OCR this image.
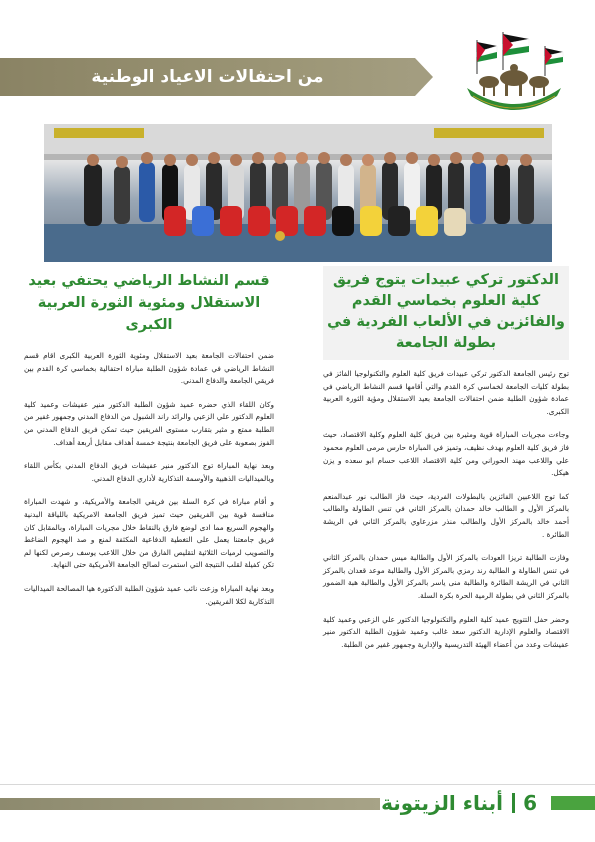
من احتفالات الاعياد الوطنية
الدكتور تركي عبيدات يتوج فريق كلية العلوم بخماسي القدم والفائزين في الألعاب الفردية في بطولة الجامعة

توج رئيس الجامعة الدكتور تركي عبيدات فريق كلية العلوم والتكنولوجيا الفائز في بطولة كليات الجامعة لخماسي كرة القدم والتي أقامها قسم النشاط الرياضي في عمادة شؤون الطلبة ضمن احتفالات الجامعة بعيد الاستقلال ومؤية الثورة العربية الكبرى.

وجاءت مجريات المباراة قوية ومثيرة بين فريق كلية العلوم وكلية الاقتصاد، حيث فاز فريق كلية العلوم بهدف نظيف، وتميز في المباراة حارس مرمى العلوم محمود علي واللاعب مهند الحوراني ومن كلية الاقتصاد اللاعب حسام ابو سعده و يزن هيكل.

كما توج اللاعبين الفائزين بالبطولات الفردية، حيث فاز الطالب نور عبدالمنعم بالمركز الأول و الطالب خالد حمدان بالمركز الثاني في تنس الطاولة والطالب أحمد خالد بالمركز الأول والطالب منذر مزرعاوي بالمركز الثاني في الريشة الطائرة .

وفازت الطالبة تريزا العودات بالمركز الأول والطالبة ميس حمدان بالمركز الثاني في تنس الطاولة و الطالبة رند رمزي بالمركز الأول والطالبة موعد قعدان بالمركز الثاني في الريشة الطائرة والطالبة منى ياسر بالمركز الأول والطالبة هبة الضمور بالمركز الثاني في بطولة الرمية الحرة بكرة السلة.

وحضر حفل التتويج عميد كلية العلوم والتكنولوجيا الدكتور علي الزعبي وعميد كلية الاقتصاد والعلوم الإدارية الدكتور سعد غالب وعميد شؤون الطلبة الدكتور منير عفيشات وعدد من أعضاء الهيئة التدريسية والإدارية وجمهور غفير من الطلبة.

قسم النشاط الرياضي يحتفي بعيد الاستقلال ومئوية الثورة العربية الكبرى

ضمن احتفالات الجامعة بعيد الاستقلال ومئوية الثورة العربية الكبرى اقام قسم النشاط الرياضي في عمادة شؤون الطلبة مباراة احتفالية بخماسي كرة القدم بين فريقي الجامعة والدفاع المدني.

وكان اللقاء الذي حضره عميد شؤون الطلبة الدكتور منير عفيشات وعميد كلية العلوم الدكتور علي الزعبي والرائد راند الشبول من الدفاع المدني وجمهور غفير من الطلبة ممتع و مثير بتقارب مستوى الفريقين حيث تمكن فريق الدفاع المدني من الفوز بصعوبة على فريق الجامعة بنتيجة خمسة أهداف مقابل أربعة أهداف.

وبعد نهاية المباراة توج الدكتور منير عفيشات فريق الدفاع المدني بكأس اللقاء وبالميداليات الذهبية والأوسمة التذكارية لأداري الدفاع المدني.

و أقام مباراة في كرة السلة بين فريقي الجامعة والأمريكية، و شهدت المباراة منافسة قوية بين الفريقين حيث تميز فريق الجامعة الامريكية باللياقة البدنية والهجوم السريع مما ادى لوضع فارق بالنقاط خلال مجريات المباراة، وبالمقابل كان فريق جامعتنا يعمل على التغطية الدفاعية المكثفة لمنع و صد الهجوم الضاغط والتصويب لرميات الثلاثية لتقليص الفارق من خلال اللاعب يوسف رصرص لكنها لم تكن كفيلة لقلب النتيجة التي استمرت لصالح الجامعة الأمريكية حتى النهاية.

وبعد نهاية المباراة وزعت نائب عميد شؤون الطلبة الدكتورة هيا المصالحة الميداليات التذكارية لكلا الفريقين.

أبناء الزيتونة 6
